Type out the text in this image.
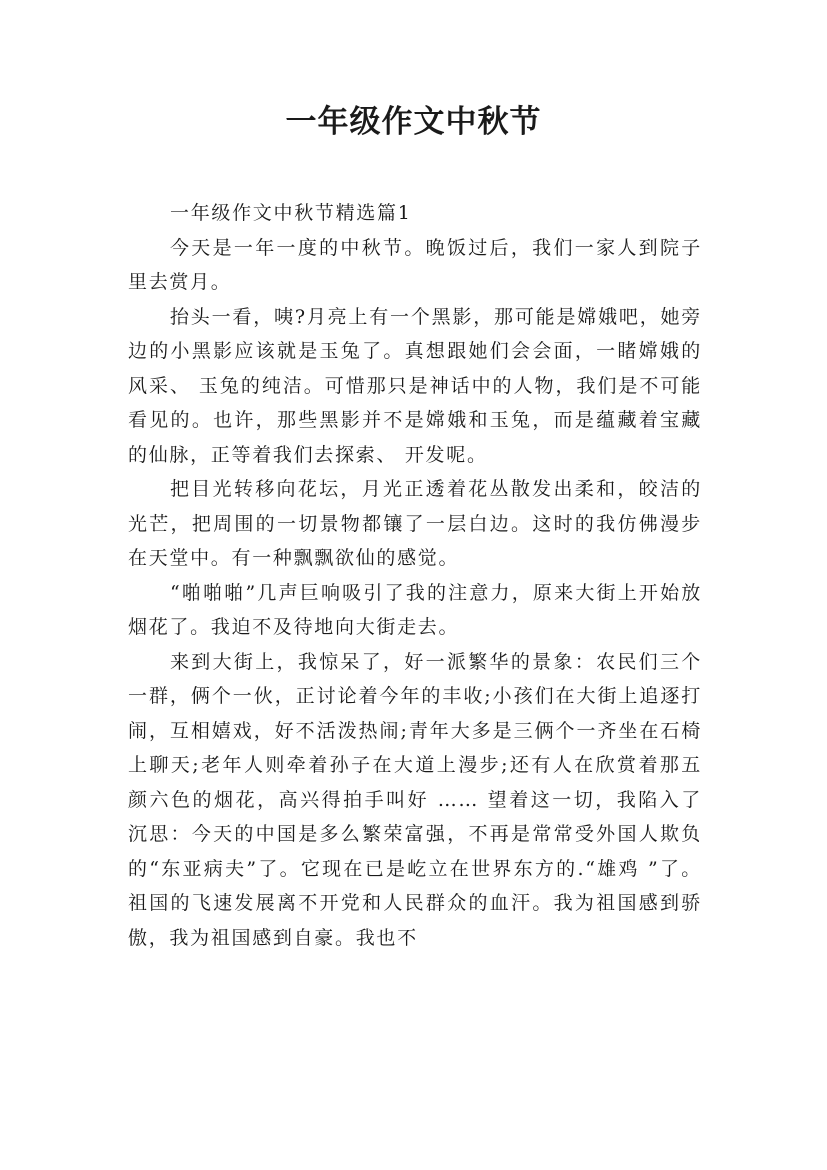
一年级作文中秋节

一年级作文中秋节精选篇1

今天是一年一度的中秋节。晚饭过后，我们一家人到院子里去赏月。

抬头一看，咦?月亮上有一个黑影，那可能是嫦娥吧，她旁边的小黑影应该就是玉兔了。真想跟她们会会面，一睹嫦娥的风采、 玉兔的纯洁。可惜那只是神话中的人物，我们是不可能看见的。也许，那些黑影并不是嫦娥和玉兔，而是蕴藏着宝藏的仙脉，正等着我们去探索、 开发呢。

把目光转移向花坛，月光正透着花丛散发出柔和，皎洁的光芒，把周围的一切景物都镶了一层白边。这时的我仿佛漫步在天堂中。有一种飘飘欲仙的感觉。

“啪啪啪”几声巨响吸引了我的注意力，原来大街上开始放烟花了。我迫不及待地向大街走去。

来到大街上，我惊呆了，好一派繁华的景象：农民们三个一群，俩个一伙，正讨论着今年的丰收;小孩们在大街上追逐打闹，互相嬉戏，好不活泼热闹;青年大多是三俩个一齐坐在石椅上聊天;老年人则牵着孙子在大道上漫步;还有人在欣赏着那五颜六色的烟花，高兴得拍手叫好 …… 望着这一切，我陷入了沉思：今天的中国是多么繁荣富强，不再是常常受外国人欺负的“东亚病夫”了。它现在已是屹立在世界东方的.“雄鸡 ”了。祖国的飞速发展离不开党和人民群众的血汗。我为祖国感到骄傲，我为祖国感到自豪。我也不
